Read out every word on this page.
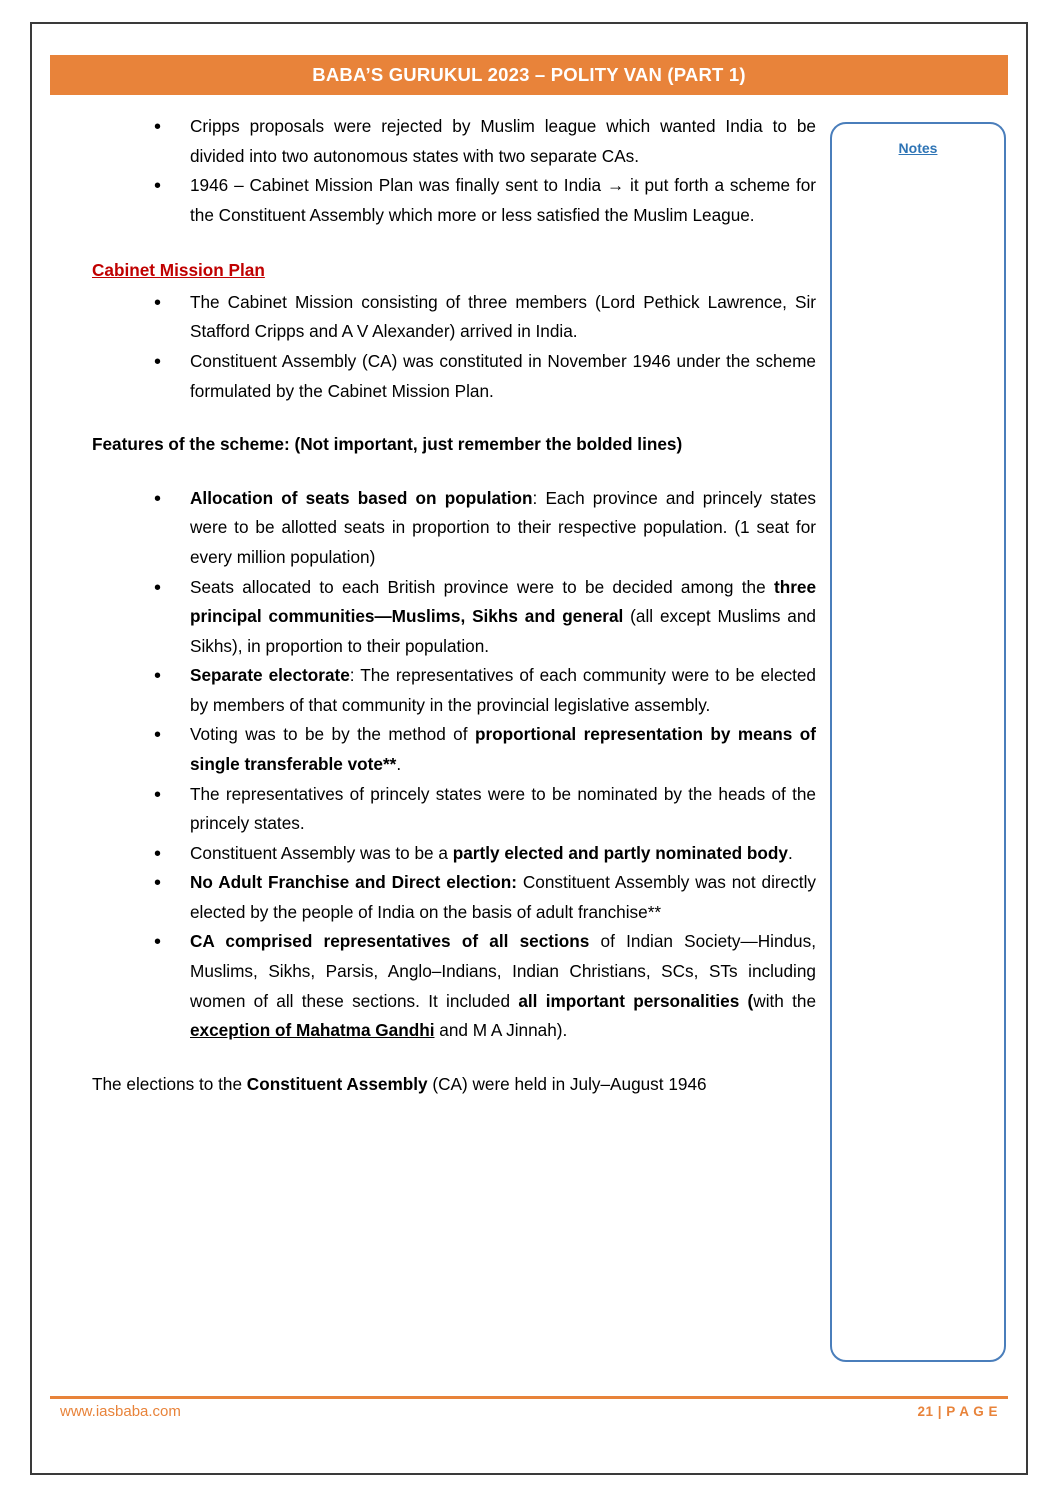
BABA’S GURUKUL 2023 – POLITY VAN (PART 1)
Notes
• Cripps proposals were rejected by Muslim league which wanted India to be divided into two autonomous states with two separate CAs.
• 1946 – Cabinet Mission Plan was finally sent to India → it put forth a scheme for the Constituent Assembly which more or less satisfied the Muslim League.
Cabinet Mission Plan
• The Cabinet Mission consisting of three members (Lord Pethick Lawrence, Sir Stafford Cripps and A V Alexander) arrived in India.
• Constituent Assembly (CA) was constituted in November 1946 under the scheme formulated by the Cabinet Mission Plan.
Features of the scheme: (Not important, just remember the bolded lines)
• Allocation of seats based on population: Each province and princely states were to be allotted seats in proportion to their respective population. (1 seat for every million population)
• Seats allocated to each British province were to be decided among the three principal communities—Muslims, Sikhs and general (all except Muslims and Sikhs), in proportion to their population.
• Separate electorate: The representatives of each community were to be elected by members of that community in the provincial legislative assembly.
• Voting was to be by the method of proportional representation by means of single transferable vote**.
• The representatives of princely states were to be nominated by the heads of the princely states.
• Constituent Assembly was to be a partly elected and partly nominated body.
• No Adult Franchise and Direct election: Constituent Assembly was not directly elected by the people of India on the basis of adult franchise**
• CA comprised representatives of all sections of Indian Society—Hindus, Muslims, Sikhs, Parsis, Anglo–Indians, Indian Christians, SCs, STs including women of all these sections. It included all important personalities (with the exception of Mahatma Gandhi and M A Jinnah).
The elections to the Constituent Assembly (CA) were held in July–August 1946
www.iasbaba.com	21 | P A G E
